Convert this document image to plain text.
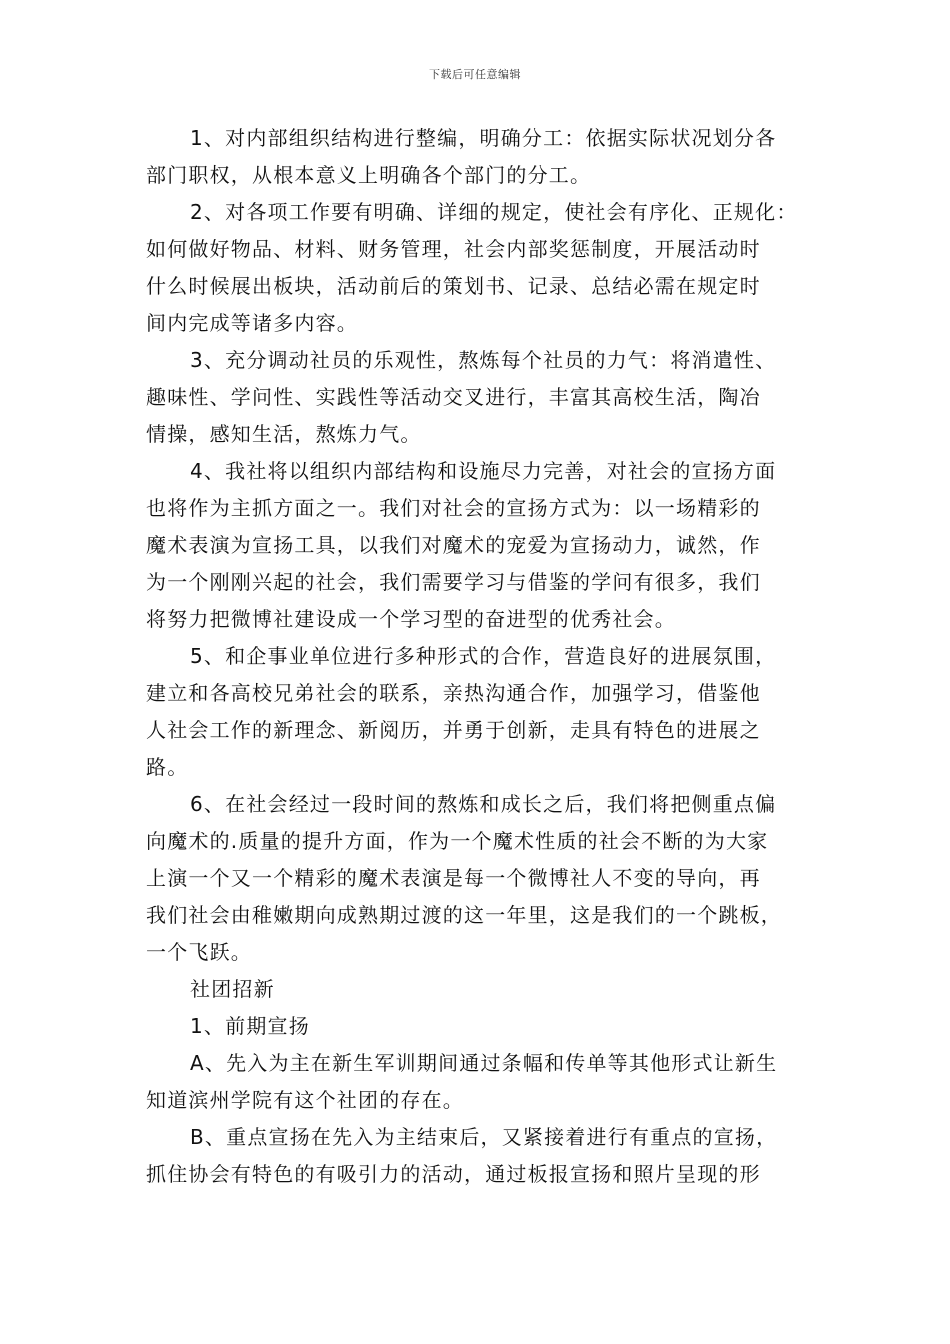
下载后可任意编辑

1、对内部组织结构进行整编，明确分工：依据实际状况划分各
部门职权，从根本意义上明确各个部门的分工。

2、对各项工作要有明确、详细的规定，使社会有序化、正规化：
如何做好物品、材料、财务管理，社会内部奖惩制度，开展活动时
什么时候展出板块，活动前后的策划书、记录、总结必需在规定时
间内完成等诸多内容。

3、充分调动社员的乐观性，熬炼每个社员的力气：将消遣性、
趣味性、学问性、实践性等活动交叉进行，丰富其高校生活，陶冶
情操，感知生活，熬炼力气。

4、我社将以组织内部结构和设施尽力完善，对社会的宣扬方面
也将作为主抓方面之一。我们对社会的宣扬方式为：以一场精彩的
魔术表演为宣扬工具，以我们对魔术的宠爱为宣扬动力，诚然，作
为一个刚刚兴起的社会，我们需要学习与借鉴的学问有很多，我们
将努力把微博社建设成一个学习型的奋进型的优秀社会。

5、和企事业单位进行多种形式的合作，营造良好的进展氛围，
建立和各高校兄弟社会的联系，亲热沟通合作，加强学习，借鉴他
人社会工作的新理念、新阅历，并勇于创新，走具有特色的进展之
路。

6、在社会经过一段时间的熬炼和成长之后，我们将把侧重点偏
向魔术的.质量的提升方面，作为一个魔术性质的社会不断的为大家
上演一个又一个精彩的魔术表演是每一个微博社人不变的导向，再
我们社会由稚嫩期向成熟期过渡的这一年里，这是我们的一个跳板，
一个飞跃。

社团招新

1、前期宣扬

A、先入为主在新生军训期间通过条幅和传单等其他形式让新生
知道滨州学院有这个社团的存在。

B、重点宣扬在先入为主结束后，又紧接着进行有重点的宣扬，
抓住协会有特色的有吸引力的活动，通过板报宣扬和照片呈现的形
